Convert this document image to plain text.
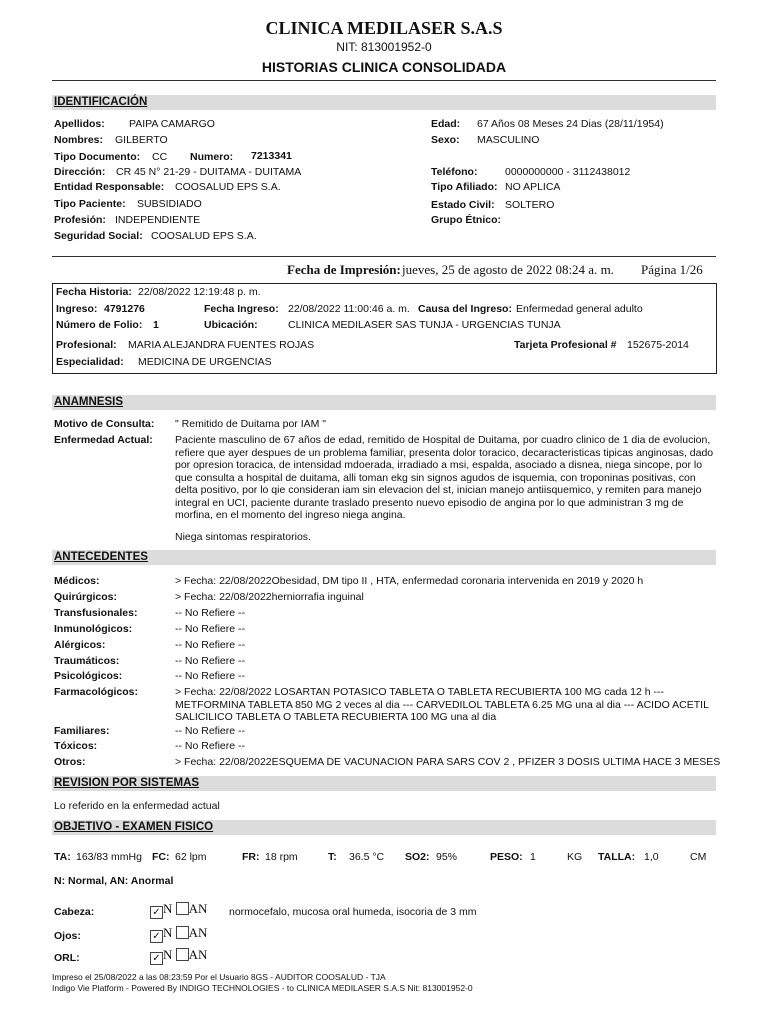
CLINICA MEDILASER S.A.S
NIT: 813001952-0
HISTORIAS CLINICA CONSOLIDADA
IDENTIFICACIÓN
Apellidos: PAIPA CAMARGO
Nombres: GILBERTO
Tipo Documento: CC Numero: 7213341
Dirección: CR 45 N° 21-29 - DUITAMA - DUITAMA
Entidad Responsable: COOSALUD EPS S.A.
Tipo Paciente: SUBSIDIADO
Profesión: INDEPENDIENTE
Seguridad Social: COOSALUD EPS S.A.
Edad: 67 Años 08 Meses 24 Dias (28/11/1954)
Sexo: MASCULINO
Teléfono:	0000000000 - 3112438012
Tipo Afiliado: NO APLICA
Estado Civil: SOLTERO
Grupo Étnico:
Fecha de Impresión: jueves, 25 de agosto de 2022 08:24 a. m. Página 1/26
Fecha Historia: 22/08/2022 12:19:48 p. m.
Ingreso: 4791276	Fecha Ingreso: 22/08/2022 11:00:46 a. m. Causa del Ingreso: Enfermedad general adulto
Número de Folio: 1	Ubicación:	CLINICA MEDILASER SAS TUNJA - URGENCIAS TUNJA
Profesional: MARIA ALEJANDRA FUENTES ROJAS	Tarjeta Profesional # 152675-2014
Especialidad: MEDICINA DE URGENCIAS
ANAMNESIS
Motivo de Consulta: " Remitido de Duitama por IAM "
Enfermedad Actual: Paciente masculino de 67 años de edad, remitido de Hospital de Duitama, por cuadro clinico de 1 dia de evolucion, refiere que ayer despues de un problema familiar, presenta dolor toracico, decaracteristicas tipicas anginosas, dado por opresion toracica, de intensidad mdoerada, irradiado a msi, espalda, asociado a disnea, niega sincope, por lo que consulta a hospital de duitama, alli toman ekg sin signos agudos de isquemia, con troponinas positivas, con delta positivo, por lo qie consideran iam sin elevacion del st, inician manejo antiisquemico, y remiten para manejo integral en UCI, paciente durante traslado presento nuevo episodio de angina por lo que administran 3 mg de morfina, en el momento del ingreso niega angina.
Niega sintomas respiratorios.
ANTECEDENTES
Médicos:	> Fecha: 22/08/2022Obesidad, DM tipo II , HTA, enfermedad coronaria intervenida en 2019 y 2020 h
Quirúrgicos:	> Fecha: 22/08/2022herniorrafia inguinal
Transfusionales:	-- No Refiere --
Inmunológicos:	-- No Refiere --
Alérgicos:	-- No Refiere --
Traumáticos:	-- No Refiere --
Psicológicos:	-- No Refiere --
Farmacológicos:	> Fecha: 22/08/2022 LOSARTAN POTASICO TABLETA O TABLETA RECUBIERTA 100 MG cada 12 h --- METFORMINA TABLETA 850 MG 2 veces al dia --- CARVEDILOL TABLETA 6.25 MG una al dia --- ACIDO ACETIL SALICILICO TABLETA O TABLETA RECUBIERTA 100 MG una al dia
Familiares:	-- No Refiere --
Tóxicos:	-- No Refiere --
Otros:	> Fecha: 22/08/2022ESQUEMA DE VACUNACION PARA SARS COV 2 , PFIZER 3 DOSIS ULTIMA HACE 3 MESES
REVISION POR SISTEMAS
Lo referido en la enfermedad actual
OBJETIVO - EXAMEN FISICO
TA: 163/83 mmHg FC: 62 lpm	FR: 18 rpm	T: 36.5 °C SO2: 95%	PESO: 1	KG TALLA: 1,0	CM
N: Normal, AN: Anormal
Cabeza:	✓ N AN normocefalo, mucosa oral humeda, isocoria de 3 mm
Ojos:	✓ N AN
ORL:	✓ N AN
Impreso el 25/08/2022 a las 08:23:59 Por el Usuario 8GS - AUDITOR COOSALUD - TJA
Indigo Vie Platform - Powered By INDIGO TECHNOLOGIES - to CLINICA MEDILASER S.A.S Nit: 813001952-0
